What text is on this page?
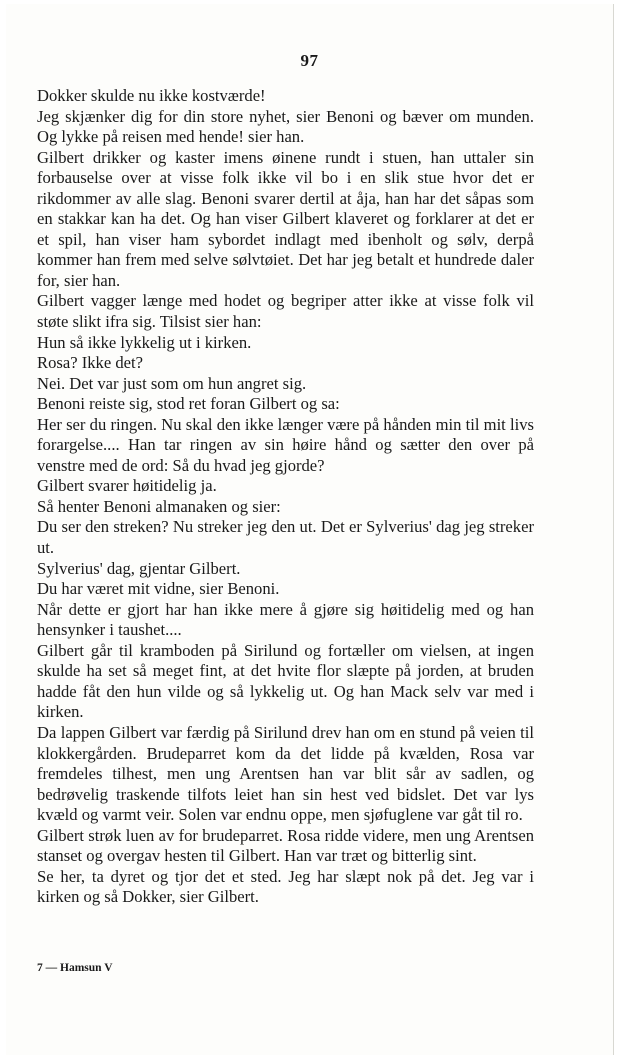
97

Dokker skulde nu ikke kostværde!

Jeg skjænker dig for din store nyhet, sier Benoni og bæver om munden. Og lykke på reisen med hende! sier han.

Gilbert drikker og kaster imens øinene rundt i stuen, han uttaler sin forbauselse over at visse folk ikke vil bo i en slik stue hvor det er rikdommer av alle slag. Benoni svarer dertil at åja, han har det såpas som en stakkar kan ha det. Og han viser Gilbert klaveret og forklarer at det er et spil, han viser ham sybordet indlagt med ibenholt og sølv, derpå kommer han frem med selve sølvtøiet. Det har jeg betalt et hundrede daler for, sier han.

Gilbert vagger længe med hodet og begriper atter ikke at visse folk vil støte slikt ifra sig. Tilsist sier han:

Hun så ikke lykkelig ut i kirken.

Rosa? Ikke det?

Nei. Det var just som om hun angret sig.

Benoni reiste sig, stod ret foran Gilbert og sa:

Her ser du ringen. Nu skal den ikke længer være på hånden min til mit livs forargelse.... Han tar ringen av sin høire hånd og sætter den over på venstre med de ord: Så du hvad jeg gjorde?

Gilbert svarer høitidelig ja.

Så henter Benoni almanaken og sier:

Du ser den streken? Nu streker jeg den ut. Det er Sylverius' dag jeg streker ut.

Sylverius' dag, gjentar Gilbert.

Du har været mit vidne, sier Benoni.

Når dette er gjort har han ikke mere å gjøre sig høitidelig med og han hensynker i taushet....

Gilbert går til kramboden på Sirilund og fortæller om vielsen, at ingen skulde ha set så meget fint, at det hvite flor slæpte på jorden, at bruden hadde fåt den hun vilde og så lykkelig ut. Og han Mack selv var med i kirken.

Da lappen Gilbert var færdig på Sirilund drev han om en stund på veien til klokkergården. Brudeparret kom da det lidde på kvælden, Rosa var fremdeles tilhest, men ung Arentsen han var blit sår av sadlen, og bedrøvelig traskende tilfots leiet han sin hest ved bidslet. Det var lys kvæld og varmt veir. Solen var endnu oppe, men sjøfuglene var gåt til ro.

Gilbert strøk luen av for brudeparret. Rosa ridde videre, men ung Arentsen stanset og overgav hesten til Gilbert. Han var træt og bitterlig sint.

Se her, ta dyret og tjor det et sted. Jeg har slæpt nok på det. Jeg var i kirken og så Dokker, sier Gilbert.

7 — Hamsun V
